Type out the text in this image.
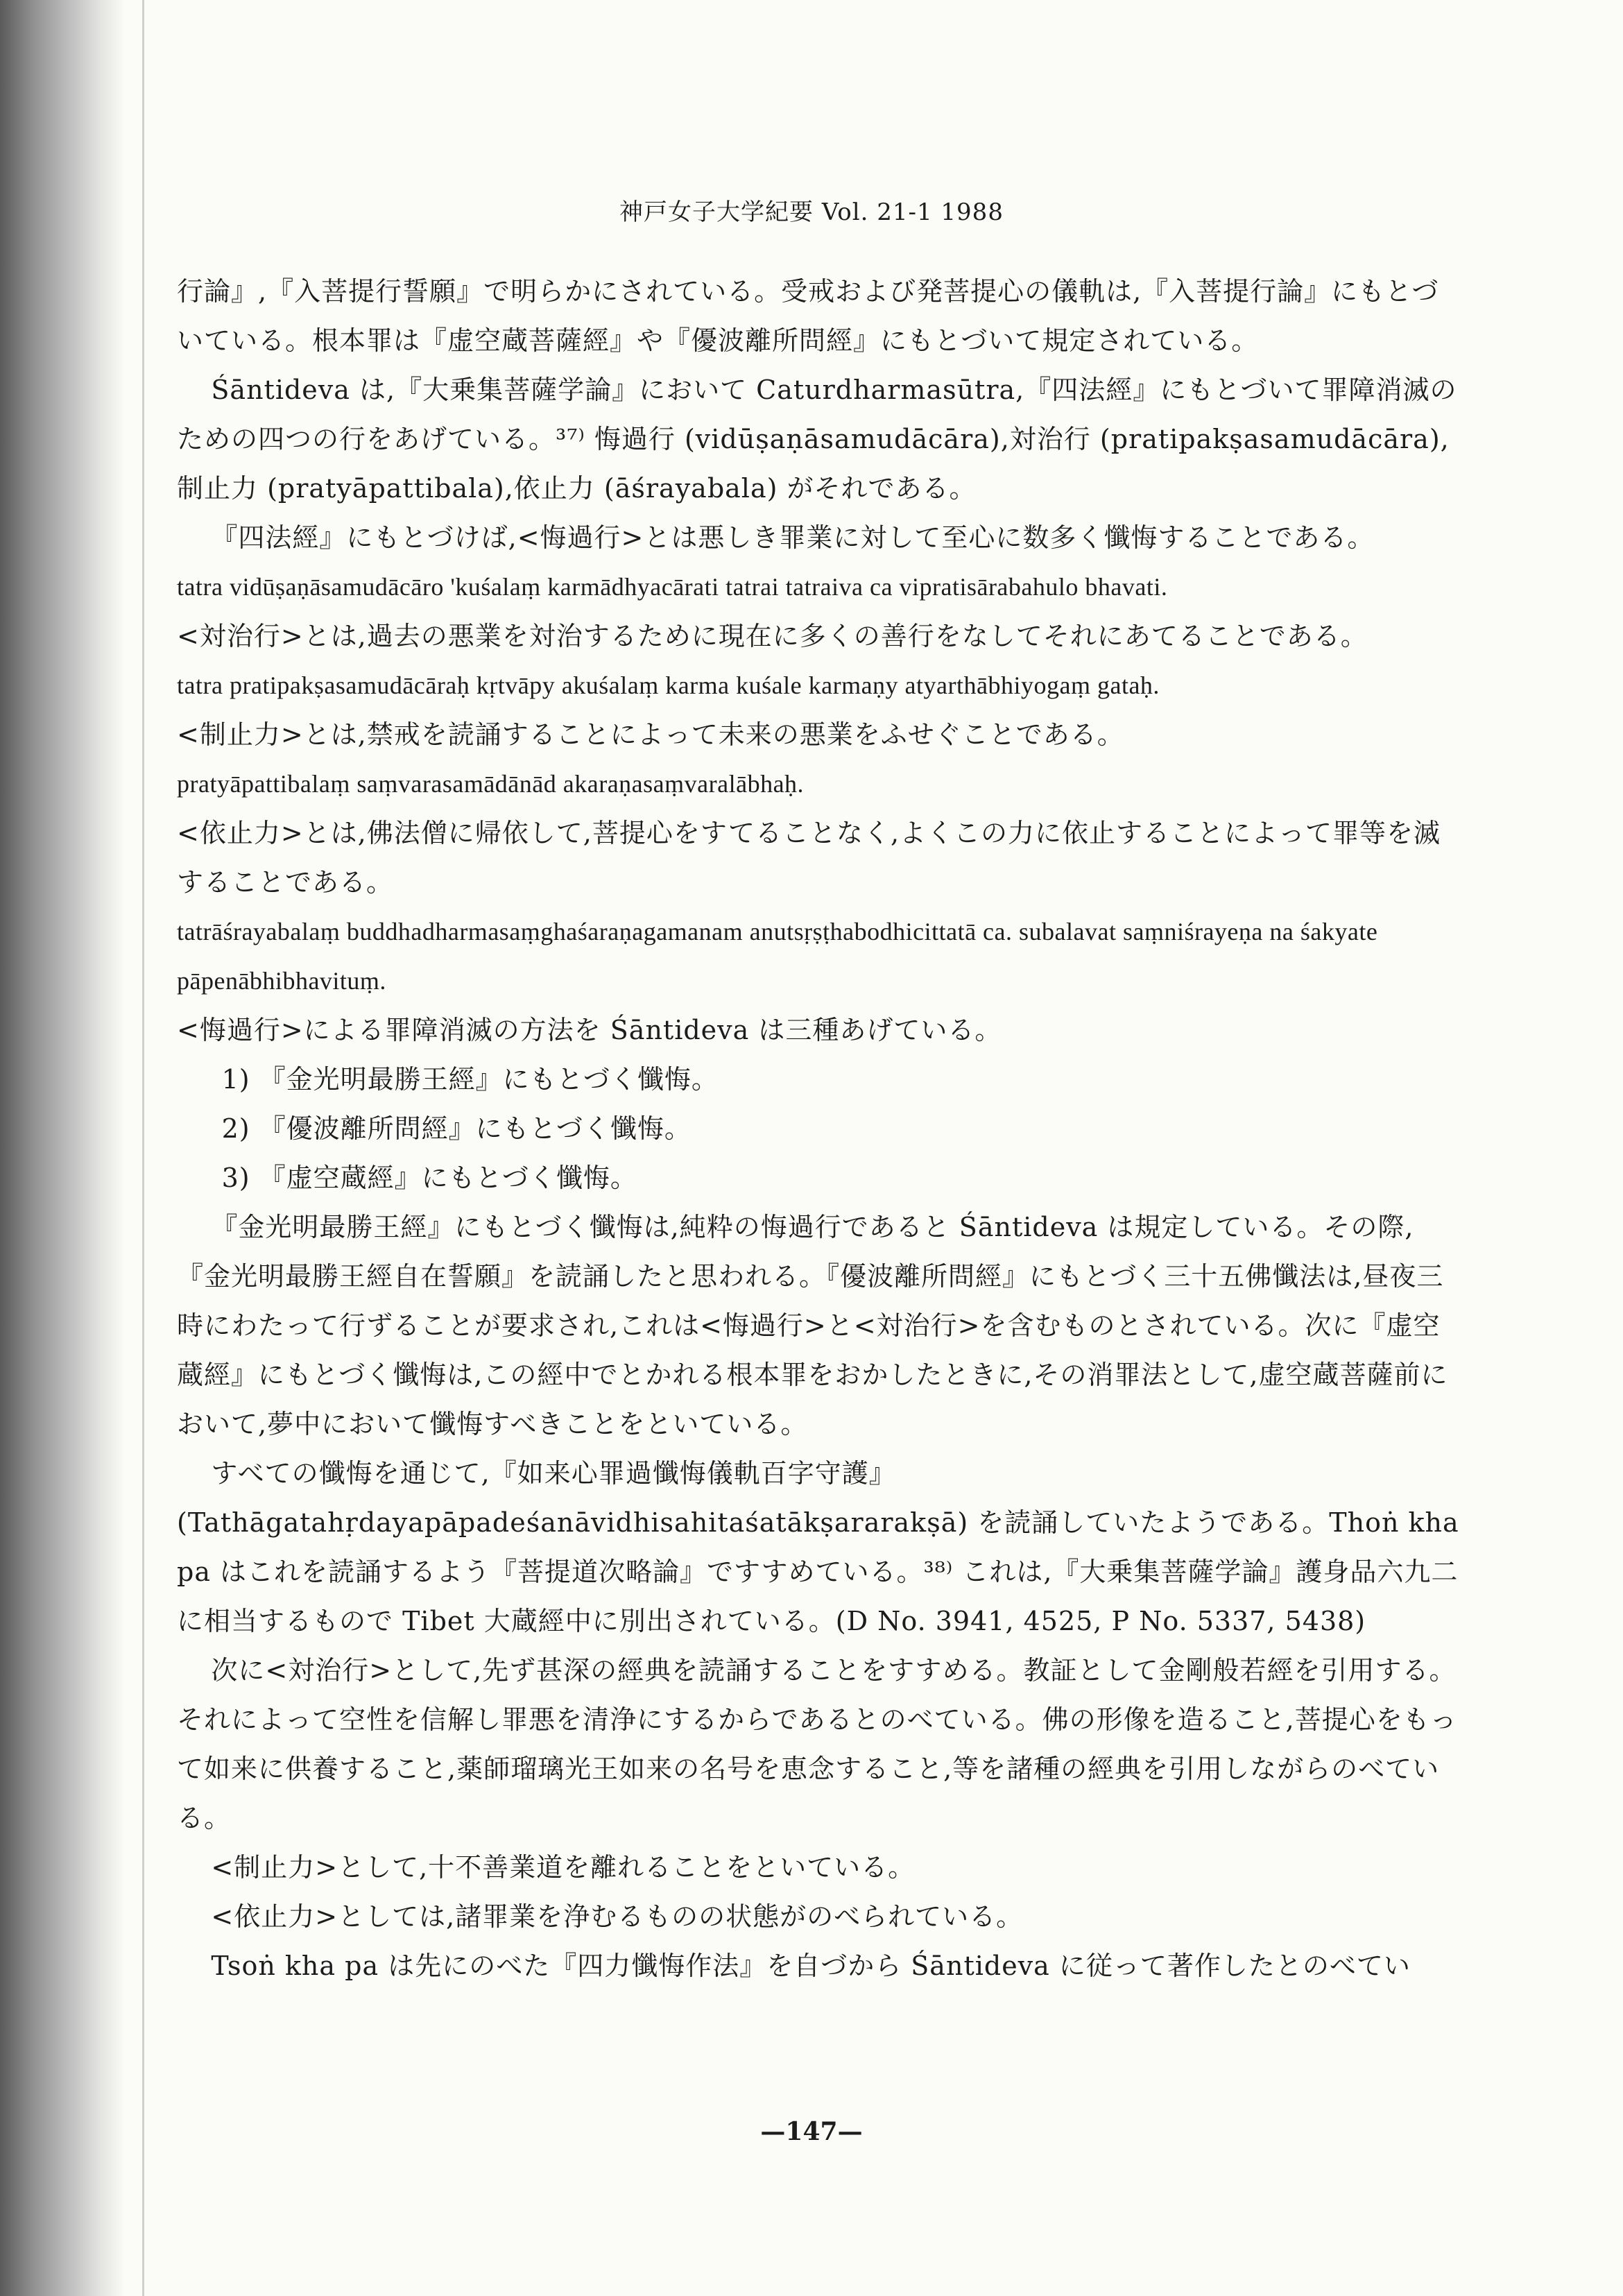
神戸女子大学紀要 Vol. 21-1 1988

行論』,『入菩提行誓願』で明らかにされている。受戒および発菩提心の儀軌は,『入菩提行論』にもとづいている。根本罪は『虚空蔵菩薩經』や『優波離所問經』にもとづいて規定されている。

Śāntideva は,『大乗集菩薩学論』において Caturdharmasūtra,『四法經』にもとづいて罪障消滅のための四つの行をあげている。³⁷⁾ 悔過行 (vidūṣaṇāsamudācāra),対治行 (pratipakṣasamudācāra),制止力 (pratyāpattibala),依止力 (āśrayabala) がそれである。

『四法經』にもとづけば,<悔過行>とは悪しき罪業に対して至心に数多く懺悔することである。

tatra vidūṣaṇāsamudācāro 'kuśalaṃ karmādhyacārati tatrai tatraiva ca vipratisārabahulo bhavati.

<対治行>とは,過去の悪業を対治するために現在に多くの善行をなしてそれにあてることである。

tatra pratipakṣasamudācāraḥ kṛtvāpy akuśalaṃ karma kuśale karmaṇy atyarthābhiyogaṃ gataḥ.

<制止力>とは,禁戒を読誦することによって未来の悪業をふせぐことである。

pratyāpattibalaṃ saṃvarasamādānād akaraṇasaṃvaralābhaḥ.

<依止力>とは,佛法僧に帰依して,菩提心をすてることなく,よくこの力に依止することによって罪等を滅することである。

tatrāśrayabalaṃ buddhadharmasaṃghaśaraṇagamanam anutsṛṣṭhabodhicittatā ca. subalavat saṃniśrayeṇa na śakyate pāpenābhibhavituṃ.

<悔過行>による罪障消滅の方法を Śāntideva は三種あげている。

1) 『金光明最勝王經』にもとづく懺悔。

2) 『優波離所問經』にもとづく懺悔。

3) 『虚空蔵經』にもとづく懺悔。

『金光明最勝王經』にもとづく懺悔は,純粋の悔過行であると Śāntideva は規定している。その際,『金光明最勝王經自在誓願』を読誦したと思われる。『優波離所問經』にもとづく三十五佛懺法は,昼夜三時にわたって行ずることが要求され,これは<悔過行>と<対治行>を含むものとされている。次に『虚空蔵經』にもとづく懺悔は,この經中でとかれる根本罪をおかしたときに,その消罪法として,虚空蔵菩薩前において,夢中において懺悔すべきことをといている。

すべての懺悔を通じて,『如来心罪過懺悔儀軌百字守護』(Tathāgatahṛdayapāpadeśanāvidhisahitaśatākṣararakṣā) を読誦していたようである。Thoṅ kha pa はこれを読誦するよう『菩提道次略論』ですすめている。³⁸⁾ これは,『大乗集菩薩学論』護身品六九二に相当するもので Tibet 大蔵經中に別出されている。(D No. 3941, 4525, P No. 5337, 5438)

次に<対治行>として,先ず甚深の經典を読誦することをすすめる。教証として金剛般若經を引用する。それによって空性を信解し罪悪を清浄にするからであるとのべている。佛の形像を造ること,菩提心をもって如来に供養すること,薬師瑠璃光王如来の名号を恵念すること,等を諸種の經典を引用しながらのべている。

<制止力>として,十不善業道を離れることをといている。

<依止力>としては,諸罪業を浄むるものの状態がのべられている。

Tsoṅ kha pa は先にのべた『四力懺悔作法』を自づから Śāntideva に従って著作したとのべてい

—147—
